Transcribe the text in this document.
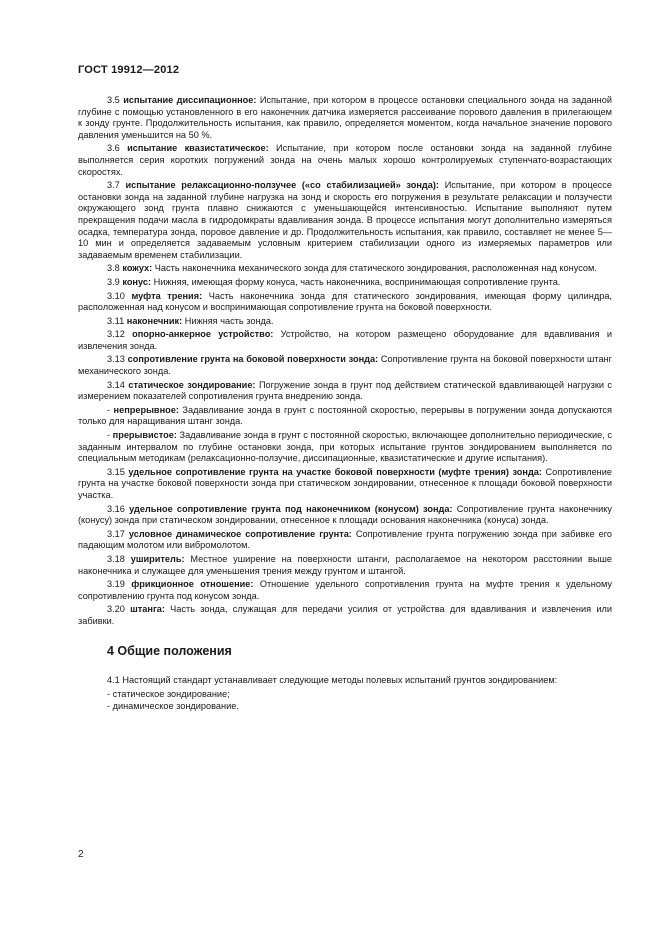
ГОСТ 19912—2012

3.5 испытание диссипационное: Испытание, при котором в процессе остановки специального зонда на заданной глубине с помощью установленного в его наконечник датчика измеряется рассеивание порового давления в прилегающем к зонду грунте. Продолжительность испытания, как правило, определяется моментом, когда начальное значение порового давления уменьшится на 50 %.

3.6 испытание квазистатическое: Испытание, при котором после остановки зонда на заданной глубине выполняется серия коротких погружений зонда на очень малых хорошо контролируемых ступенчато-возрастающих скоростях.

3.7 испытание релаксационно-ползучее («со стабилизацией» зонда): Испытание, при котором в процессе остановки зонда на заданной глубине нагрузка на зонд и скорость его погружения в результате релаксации и ползучести окружающего зонд грунта плавно снижаются с уменьшающейся интенсивностью. Испытание выполняют путем прекращения подачи масла в гидродомкраты вдавливания зонда. В процессе испытания могут дополнительно измеряться осадка, температура зонда, поровое давление и др. Продолжительность испытания, как правило, составляет не менее 5—10 мин и определяется задаваемым условным критерием стабилизации одного из измеряемых параметров или задаваемым временем стабилизации.

3.8 кожух: Часть наконечника механического зонда для статического зондирования, расположенная над конусом.

3.9 конус: Нижняя, имеющая форму конуса, часть наконечника, воспринимающая сопротивление грунта.

3.10 муфта трения: Часть наконечника зонда для статического зондирования, имеющая форму цилиндра, расположенная над конусом и воспринимающая сопротивление грунта на боковой поверхности.

3.11 наконечник: Нижняя часть зонда.

3.12 опорно-анкерное устройство: Устройство, на котором размещено оборудование для вдавливания и извлечения зонда.

3.13 сопротивление грунта на боковой поверхности зонда: Сопротивление грунта на боковой поверхности штанг механического зонда.

3.14 статическое зондирование: Погружение зонда в грунт под действием статической вдавливающей нагрузки с измерением показателей сопротивления грунта внедрению зонда.

- непрерывное: Задавливание зонда в грунт с постоянной скоростью, перерывы в погружении зонда допускаются только для наращивания штанг зонда.

- прерывистое: Задавливание зонда в грунт с постоянной скоростью, включающее дополнительно периодические, с заданным интервалом по глубине остановки зонда, при которых испытание грунтов зондированием выполняется по специальным методикам (релаксационно-ползучие, диссипационные, квазистатические и другие испытания).

3.15 удельное сопротивление грунта на участке боковой поверхности (муфте трения) зонда: Сопротивление грунта на участке боковой поверхности зонда при статическом зондировании, отнесенное к площади боковой поверхности участка.

3.16 удельное сопротивление грунта под наконечником (конусом) зонда: Сопротивление грунта наконечнику (конусу) зонда при статическом зондировании, отнесенное к площади основания наконечника (конуса) зонда.

3.17 условное динамическое сопротивление грунта: Сопротивление грунта погружению зонда при забивке его падающим молотом или вибромолотом.

3.18 уширитель: Местное уширение на поверхности штанги, располагаемое на некотором расстоянии выше наконечника и служащее для уменьшения трения между грунтом и штангой.

3.19 фрикционное отношение: Отношение удельного сопротивления грунта на муфте трения к удельному сопротивлению грунта под конусом зонда.

3.20 штанга: Часть зонда, служащая для передачи усилия от устройства для вдавливания и извлечения или забивки.

4 Общие положения

4.1 Настоящий стандарт устанавливает следующие методы полевых испытаний грунтов зондированием:

- статическое зондирование;
- динамическое зондирование.
2
